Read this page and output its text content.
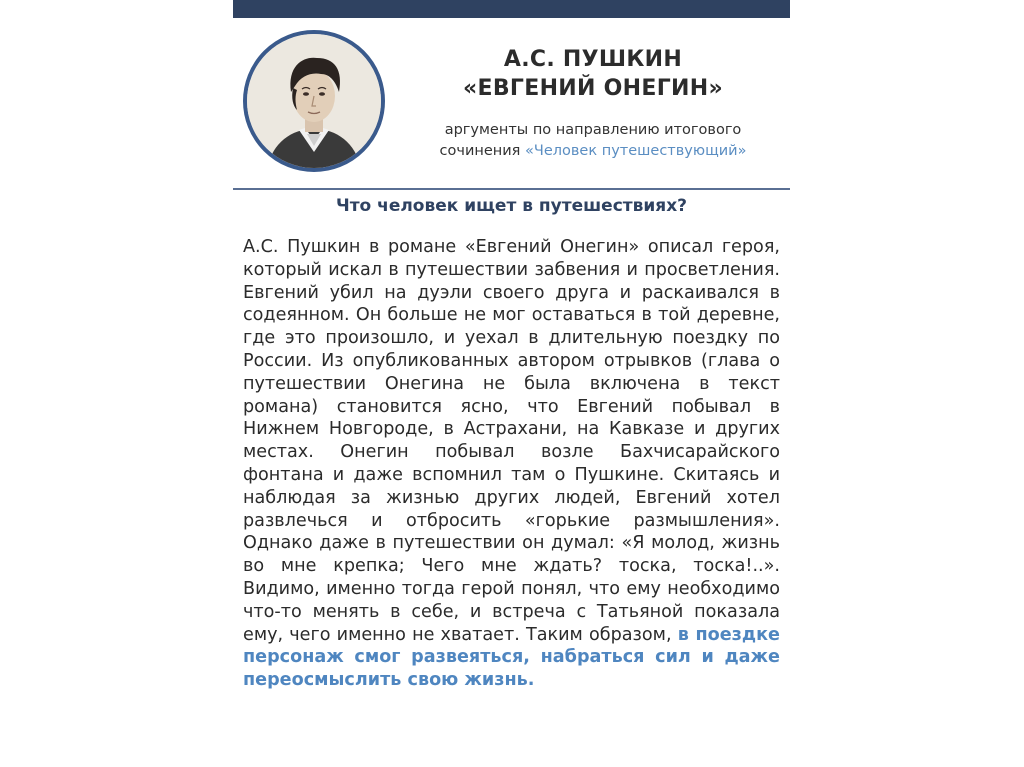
А.С. ПУШКИН
«ЕВГЕНИЙ ОНЕГИН»
аргументы по направлению итогового
сочинения «Человек путешествующий»
Что человек ищет в путешествиях?
А.С. Пушкин в романе «Евгений Онегин» описал героя, который искал в путешествии забвения и просветления. Евгений убил на дуэли своего друга и раскаивался в содеянном. Он больше не мог оставаться в той деревне, где это произошло, и уехал в длительную поездку по России. Из опубликованных автором отрывков (глава о путешествии Онегина не была включена в текст романа) становится ясно, что Евгений побывал в Нижнем Новгороде, в Астрахани, на Кавказе и других местах. Онегин побывал возле Бахчисарайского фонтана и даже вспомнил там о Пушкине. Скитаясь и наблюдая за жизнью других людей, Евгений хотел развлечься и отбросить «горькие размышления». Однако даже в путешествии он думал: «Я молод, жизнь во мне крепка; Чего мне ждать? тоска, тоска!..». Видимо, именно тогда герой понял, что ему необходимо что-то менять в себе, и встреча с Татьяной показала ему, чего именно не хватает. Таким образом, в поездке персонаж смог развеяться, набраться сил и даже переосмыслить свою жизнь.
